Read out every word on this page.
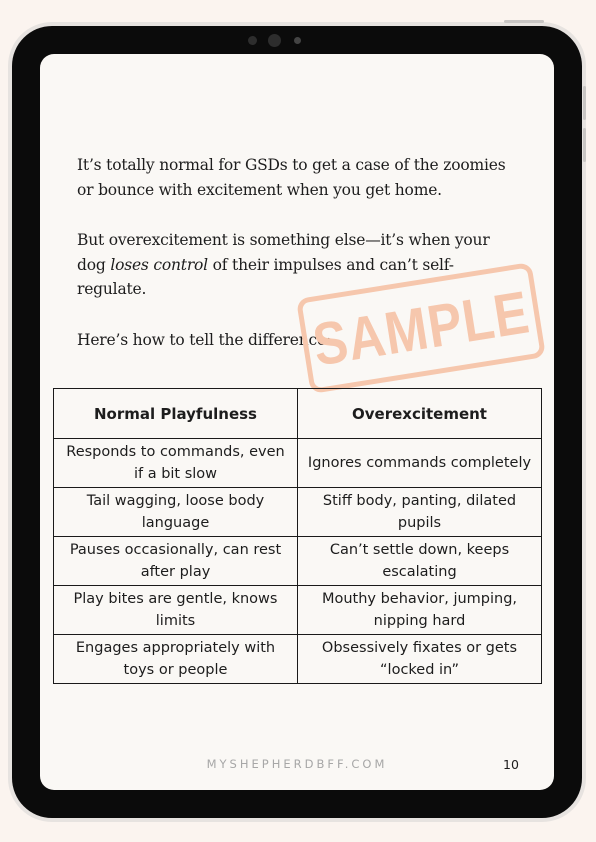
It’s totally normal for GSDs to get a case of the zoomies or bounce with excitement when you get home.

But overexcitement is something else—it’s when your dog loses control of their impulses and can’t self-regulate.

Here’s how to tell the difference:

SAMPLE
Normal Playfulness	Overexcitement
Responds to commands, even if a bit slow	Ignores commands completely
Tail wagging, loose body language	Stiff body, panting, dilated pupils
Pauses occasionally, can rest after play	Can’t settle down, keeps escalating
Play bites are gentle, knows limits	Mouthy behavior, jumping, nipping hard
Engages appropriately with toys or people	Obsessively fixates or gets “locked in”
MYSHEPHERDBFF.COM	10
